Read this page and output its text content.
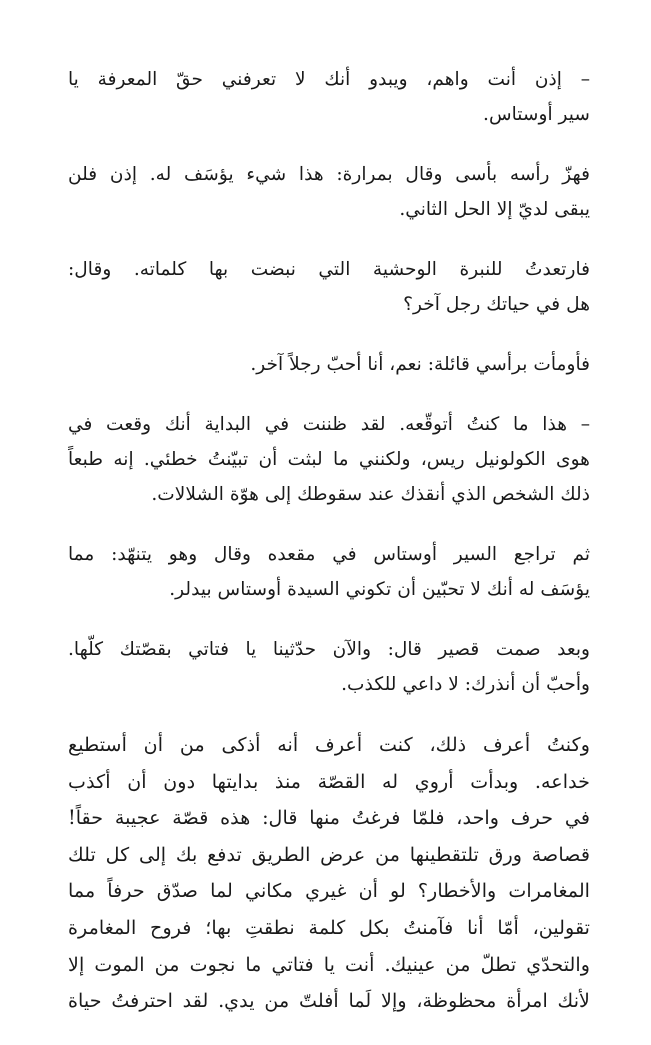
– إذن أنت واهم، ويبدو أنك لا تعرفني حقّ المعرفة يا
سير أوستاس.

فهزّ رأسه بأسى وقال بمرارة: هذا شيء يؤسَف له. إذن فلن
يبقى لديّ إلا الحل الثاني.

فارتعدتُ للنبرة الوحشية التي نبضت بها كلماته. وقال:
هل في حياتك رجل آخر؟

فأومأت برأسي قائلة: نعم، أنا أحبّ رجلاً آخر.

– هذا ما كنتُ أتوقّعه. لقد ظننت في البداية أنك وقعت في
هوى الكولونيل ريس، ولكنني ما لبثت أن تبيّنتُ خطئي. إنه طبعاً
ذلك الشخص الذي أنقذك عند سقوطك إلى هوّة الشلالات.

ثم تراجع السير أوستاس في مقعده وقال وهو يتنهّد: مما
يؤسَف له أنك لا تحبّين أن تكوني السيدة أوستاس بيدلر.

وبعد صمت قصير قال: والآن حدّثينا يا فتاتي بقصّتك كلّها.
وأحبّ أن أنذرك: لا داعي للكذب.

وكنتُ أعرف ذلك، كنت أعرف أنه أذكى من أن أستطيع
خداعه. وبدأت أروي له القصّة منذ بدايتها دون أن أكذب
في حرف واحد، فلمّا فرغتُ منها قال: هذه قصّة عجيبة حقاً!
قصاصة ورق تلتقطينها من عرض الطريق تدفع بك إلى كل تلك
المغامرات والأخطار؟ لو أن غيري مكاني لما صدّق حرفاً مما
تقولين، أمّا أنا فآمنتُ بكل كلمة نطقتِ بها؛ فروح المغامرة
والتحدّي تطلّ من عينيك. أنت يا فتاتي ما نجوت من الموت إلا
لأنك امرأة محظوظة، وإلا لَما أفلتّ من يدي. لقد احترفتُ حياة
